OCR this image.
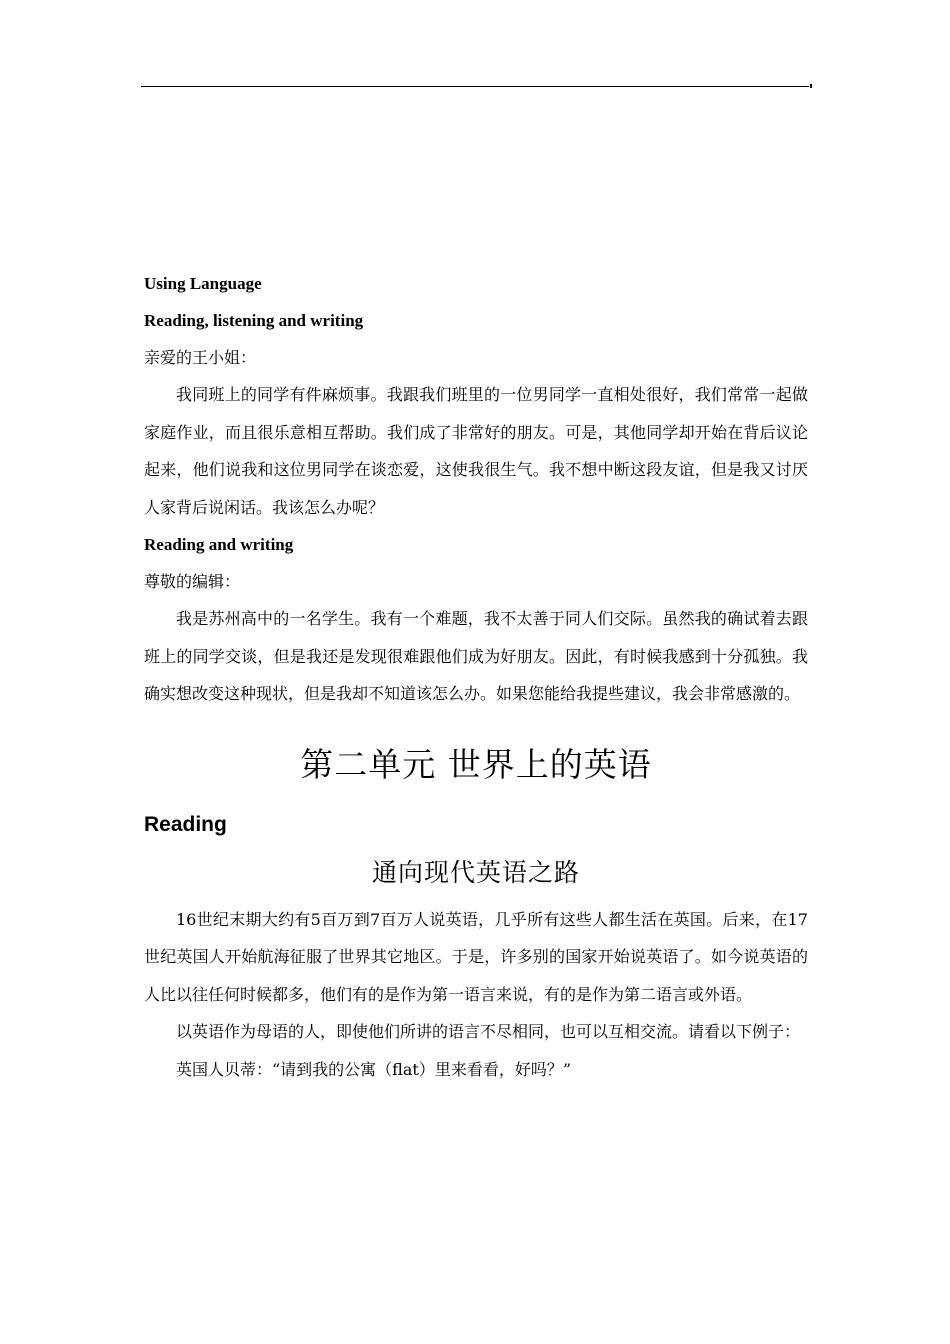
Using Language
Reading, listening and writing
亲爱的王小姐：

我同班上的同学有件麻烦事。我跟我们班里的一位男同学一直相处很好，我们常常一起做家庭作业，而且很乐意相互帮助。我们成了非常好的朋友。可是，其他同学却开始在背后议论起来，他们说我和这位男同学在谈恋爱，这使我很生气。我不想中断这段友谊，但是我又讨厌人家背后说闲话。我该怎么办呢？

Reading and writing
尊敬的编辑：

我是苏州高中的一名学生。我有一个难题，我不太善于同人们交际。虽然我的确试着去跟班上的同学交谈，但是我还是发现很难跟他们成为好朋友。因此，有时候我感到十分孤独。我确实想改变这种现状，但是我却不知道该怎么办。如果您能给我提些建议，我会非常感激的。

第二单元 世界上的英语
Reading
通向现代英语之路

16世纪末期大约有5百万到7百万人说英语，几乎所有这些人都生活在英国。后来，在17世纪英国人开始航海征服了世界其它地区。于是，许多别的国家开始说英语了。如今说英语的人比以往任何时候都多，他们有的是作为第一语言来说，有的是作为第二语言或外语。

以英语作为母语的人，即使他们所讲的语言不尽相同，也可以互相交流。请看以下例子：

英国人贝蒂：“请到我的公寓（flat）里来看看，好吗？”
